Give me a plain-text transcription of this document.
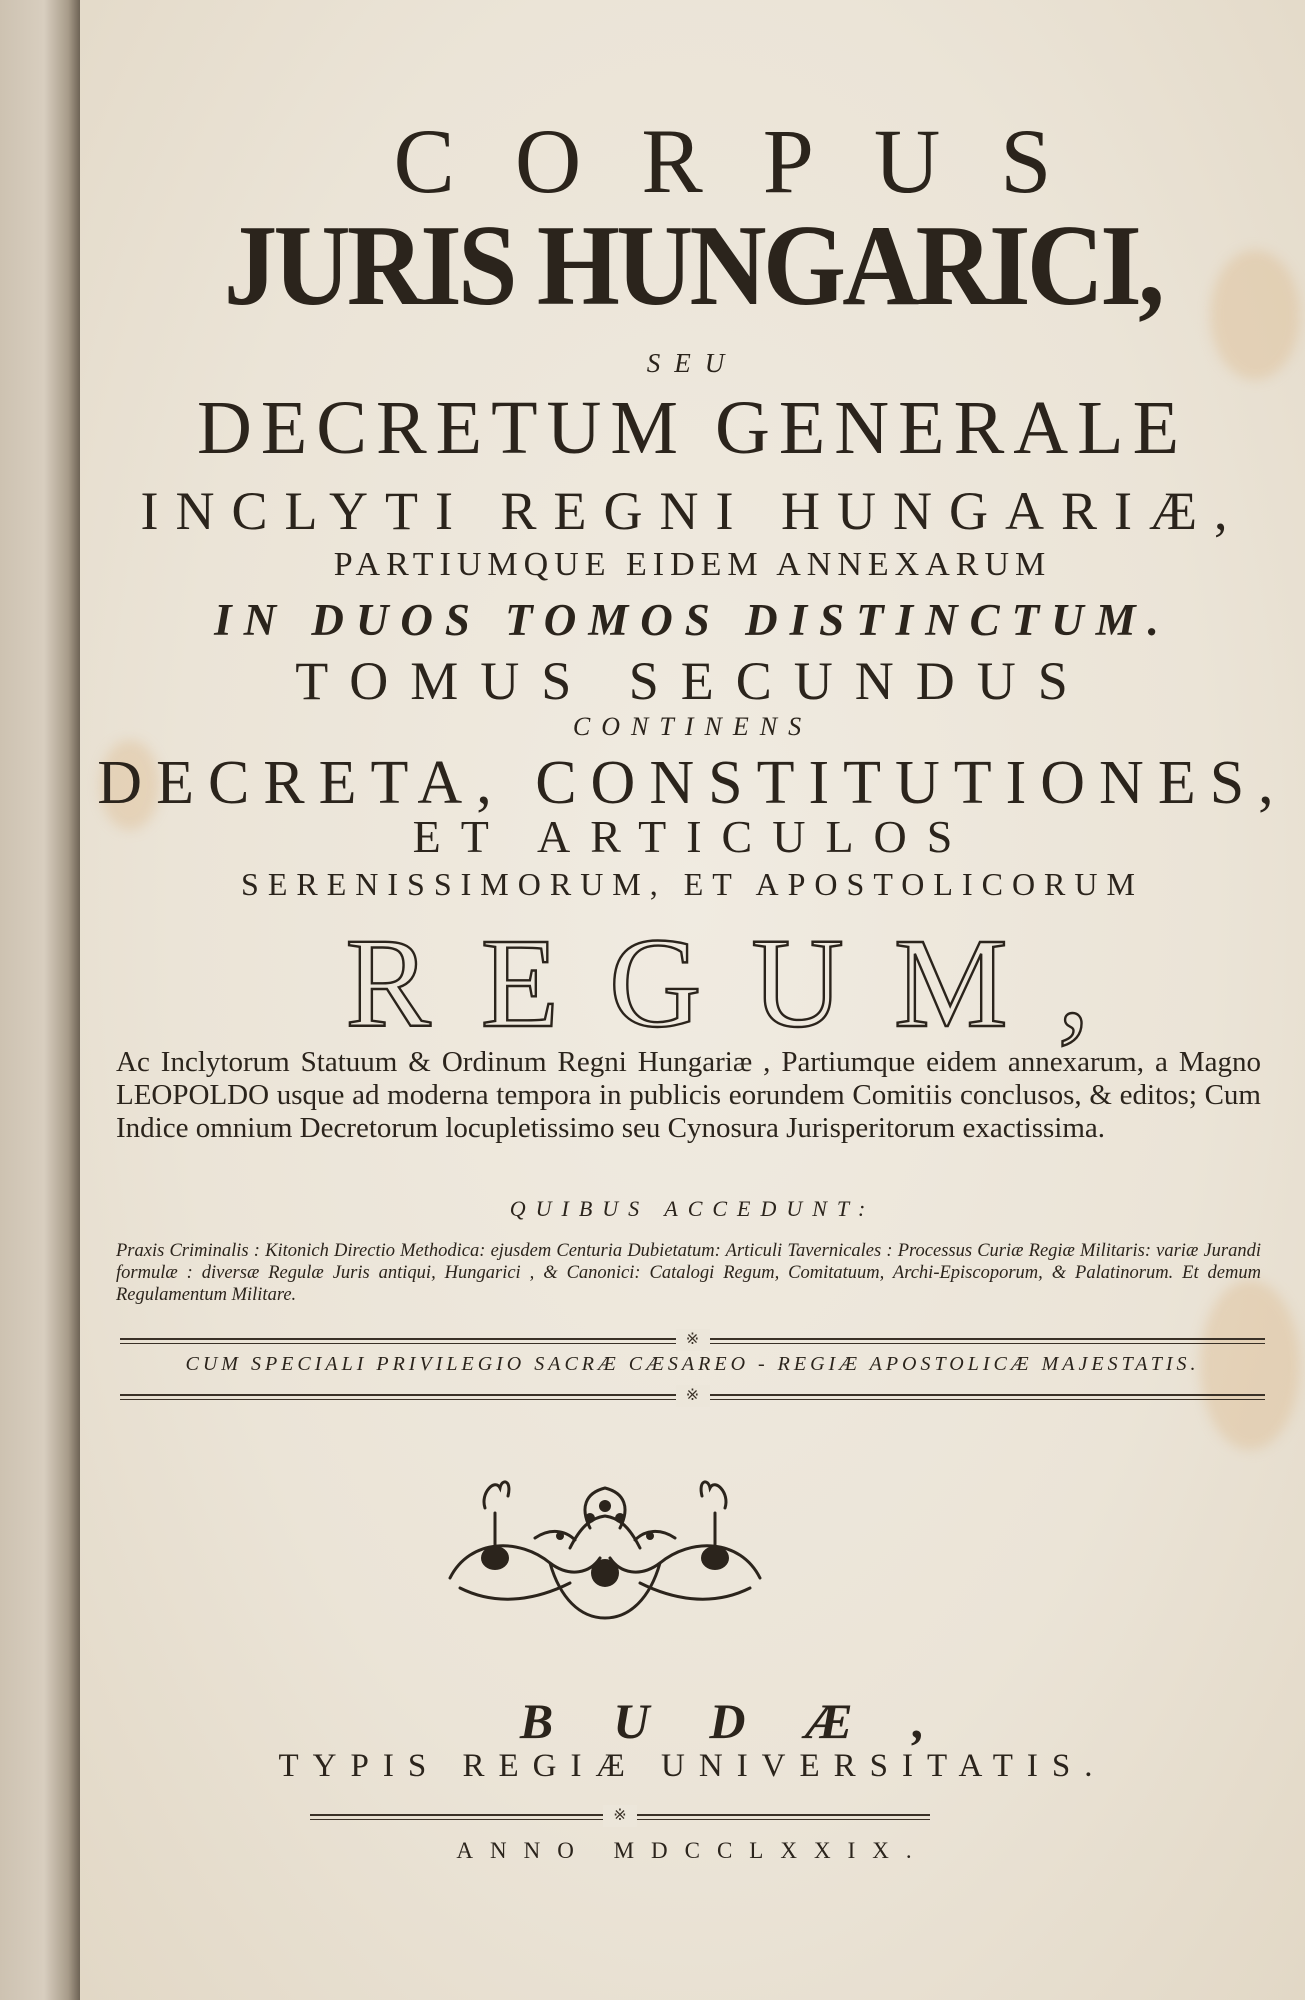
CORPUS
JURIS HUNGARICI,
SEU
DECRETUM GENERALE
INCLYTI REGNI HUNGARIÆ,
PARTIUMQUE EIDEM ANNEXARUM
IN DUOS TOMOS DISTINCTUM.
TOMUS SECUNDUS
CONTINENS
DECRETA, CONSTITUTIONES,
ET ARTICULOS
SERENISSIMORUM, ET APOSTOLICORUM
REGUM,
Ac Inclytorum Statuum & Ordinum Regni Hungariæ , Partiumque eidem annexarum, a Magno LEOPOLDO usque ad moderna tempora in publicis eorundem Comitiis conclusos, & editos; Cum Indice omnium Decretorum locupletissimo seu Cynosura Jurisperitorum exactissima.
QUIBUS ACCEDUNT:
Praxis Criminalis : Kitonich Directio Methodica: ejusdem Centuria Dubietatum: Articuli Tavernicales : Processus Curiæ Regiæ Militaris: variæ Jurandi formulæ : diversæ Regulæ Juris antiqui, Hungarici , & Canonici: Catalogi Regum, Comitatuum, Archi-Episcoporum, & Palatinorum. Et demum Regulamentum Militare.
※
CUM SPECIALI PRIVILEGIO SACRÆ CÆSAREO - REGIÆ APOSTOLICÆ MAJESTATIS.
※
BUDÆ,
TYPIS REGIÆ UNIVERSITATIS.
※
ANNO MDCCLXXIX.
